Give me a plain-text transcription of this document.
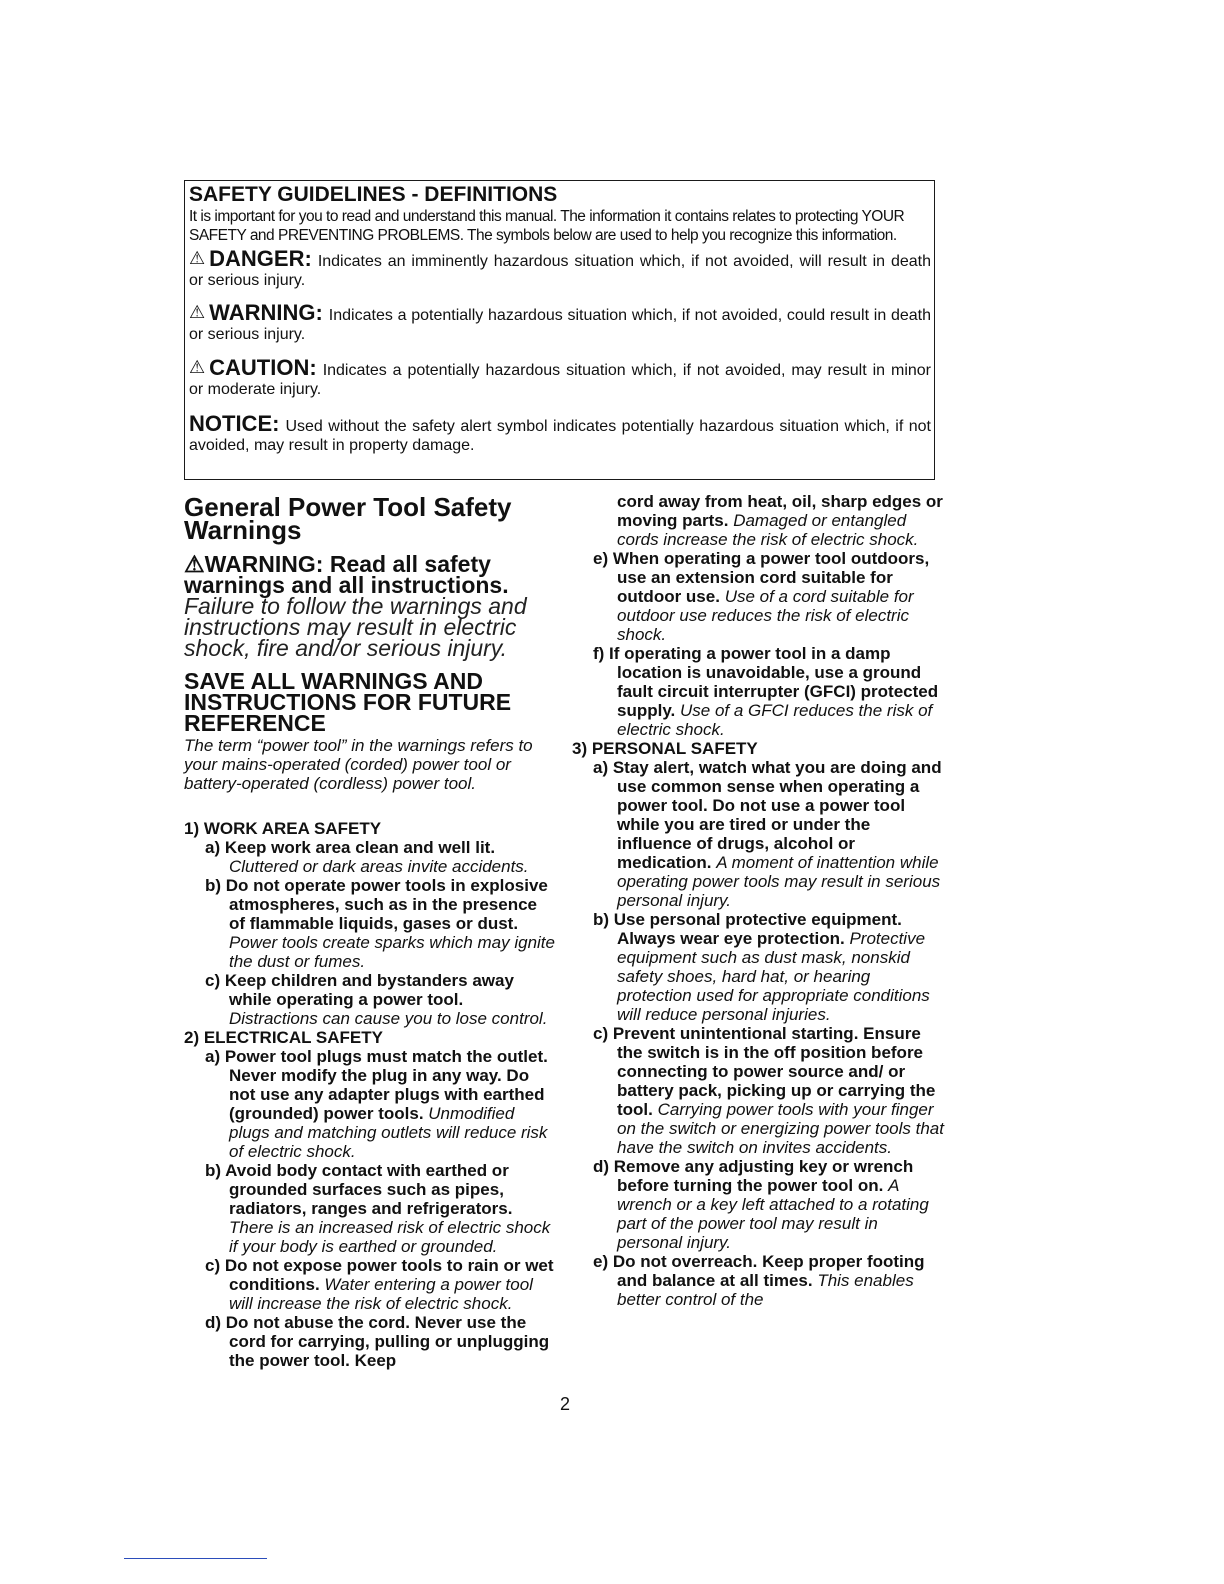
SAFETY GUIDELINES - DEFINITIONS

It is important for you to read and understand this manual. The information it contains relates to protecting YOUR SAFETY and PREVENTING PROBLEMS. The symbols below are used to help you recognize this information.

⚠ DANGER: Indicates an imminently hazardous situation which, if not avoided, will result in death or serious injury.

⚠ WARNING: Indicates a potentially hazardous situation which, if not avoided, could result in death or serious injury.

⚠ CAUTION: Indicates a potentially hazardous situation which, if not avoided, may result in minor or moderate injury.

NOTICE: Used without the safety alert symbol indicates potentially hazardous situation which, if not avoided, may result in property damage.

General Power Tool Safety Warnings

⚠WARNING: Read all safety warnings and all instructions.

Failure to follow the warnings and instructions may result in electric shock, fire and/or serious injury.

SAVE ALL WARNINGS AND INSTRUCTIONS FOR FUTURE REFERENCE

The term “power tool” in the warnings refers to your mains-operated (corded) power tool or battery-operated (cordless) power tool.

1) WORK AREA SAFETY

a) Keep work area clean and well lit. Cluttered or dark areas invite accidents.

b) Do not operate power tools in explosive atmospheres, such as in the presence of flammable liquids, gases or dust. Power tools create sparks which may ignite the dust or fumes.

c) Keep children and bystanders away while operating a power tool. Distractions can cause you to lose control.

2) ELECTRICAL SAFETY

a) Power tool plugs must match the outlet. Never modify the plug in any way. Do not use any adapter plugs with earthed (grounded) power tools. Unmodified plugs and matching outlets will reduce risk of electric shock.

b) Avoid body contact with earthed or grounded surfaces such as pipes, radiators, ranges and refrigerators. There is an increased risk of electric shock if your body is earthed or grounded.

c) Do not expose power tools to rain or wet conditions. Water entering a power tool will increase the risk of electric shock.

d) Do not abuse the cord. Never use the cord for carrying, pulling or unplugging the power tool. Keep

cord away from heat, oil, sharp edges or moving parts. Damaged or entangled cords increase the risk of electric shock.

e) When operating a power tool outdoors, use an extension cord suitable for outdoor use. Use of a cord suitable for outdoor use reduces the risk of electric shock.

f) If operating a power tool in a damp location is unavoidable, use a ground fault circuit interrupter (GFCI) protected supply. Use of a GFCI reduces the risk of electric shock.

3) PERSONAL SAFETY

a) Stay alert, watch what you are doing and use common sense when operating a power tool. Do not use a power tool while you are tired or under the influence of drugs, alcohol or medication. A moment of inattention while operating power tools may result in serious personal injury.

b) Use personal protective equipment. Always wear eye protection. Protective equipment such as dust mask, nonskid safety shoes, hard hat, or hearing protection used for appropriate conditions will reduce personal injuries.

c) Prevent unintentional starting. Ensure the switch is in the off position before connecting to power source and/ or battery pack, picking up or carrying the tool. Carrying power tools with your finger on the switch or energizing power tools that have the switch on invites accidents.

d) Remove any adjusting key or wrench before turning the power tool on. A wrench or a key left attached to a rotating part of the power tool may result in personal injury.

e) Do not overreach. Keep proper footing and balance at all times. This enables better control of the

2
